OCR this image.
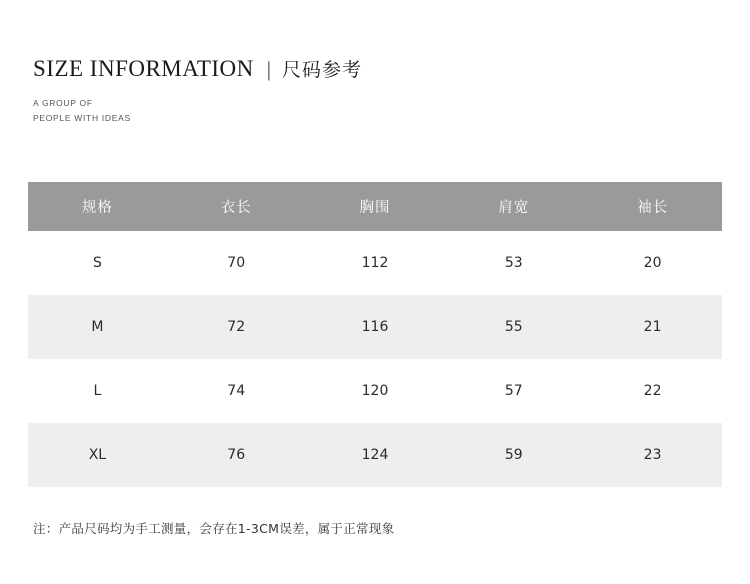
SIZE INFORMATION | 尺码参考
A GROUP OF
PEOPLE WITH IDEAS
规格	衣长	胸围	肩宽	袖长
S	70	112	53	20
M	72	116	55	21
L	74	120	57	22
XL	76	124	59	23
注：产品尺码均为手工测量，会存在1-3CM误差，属于正常现象
